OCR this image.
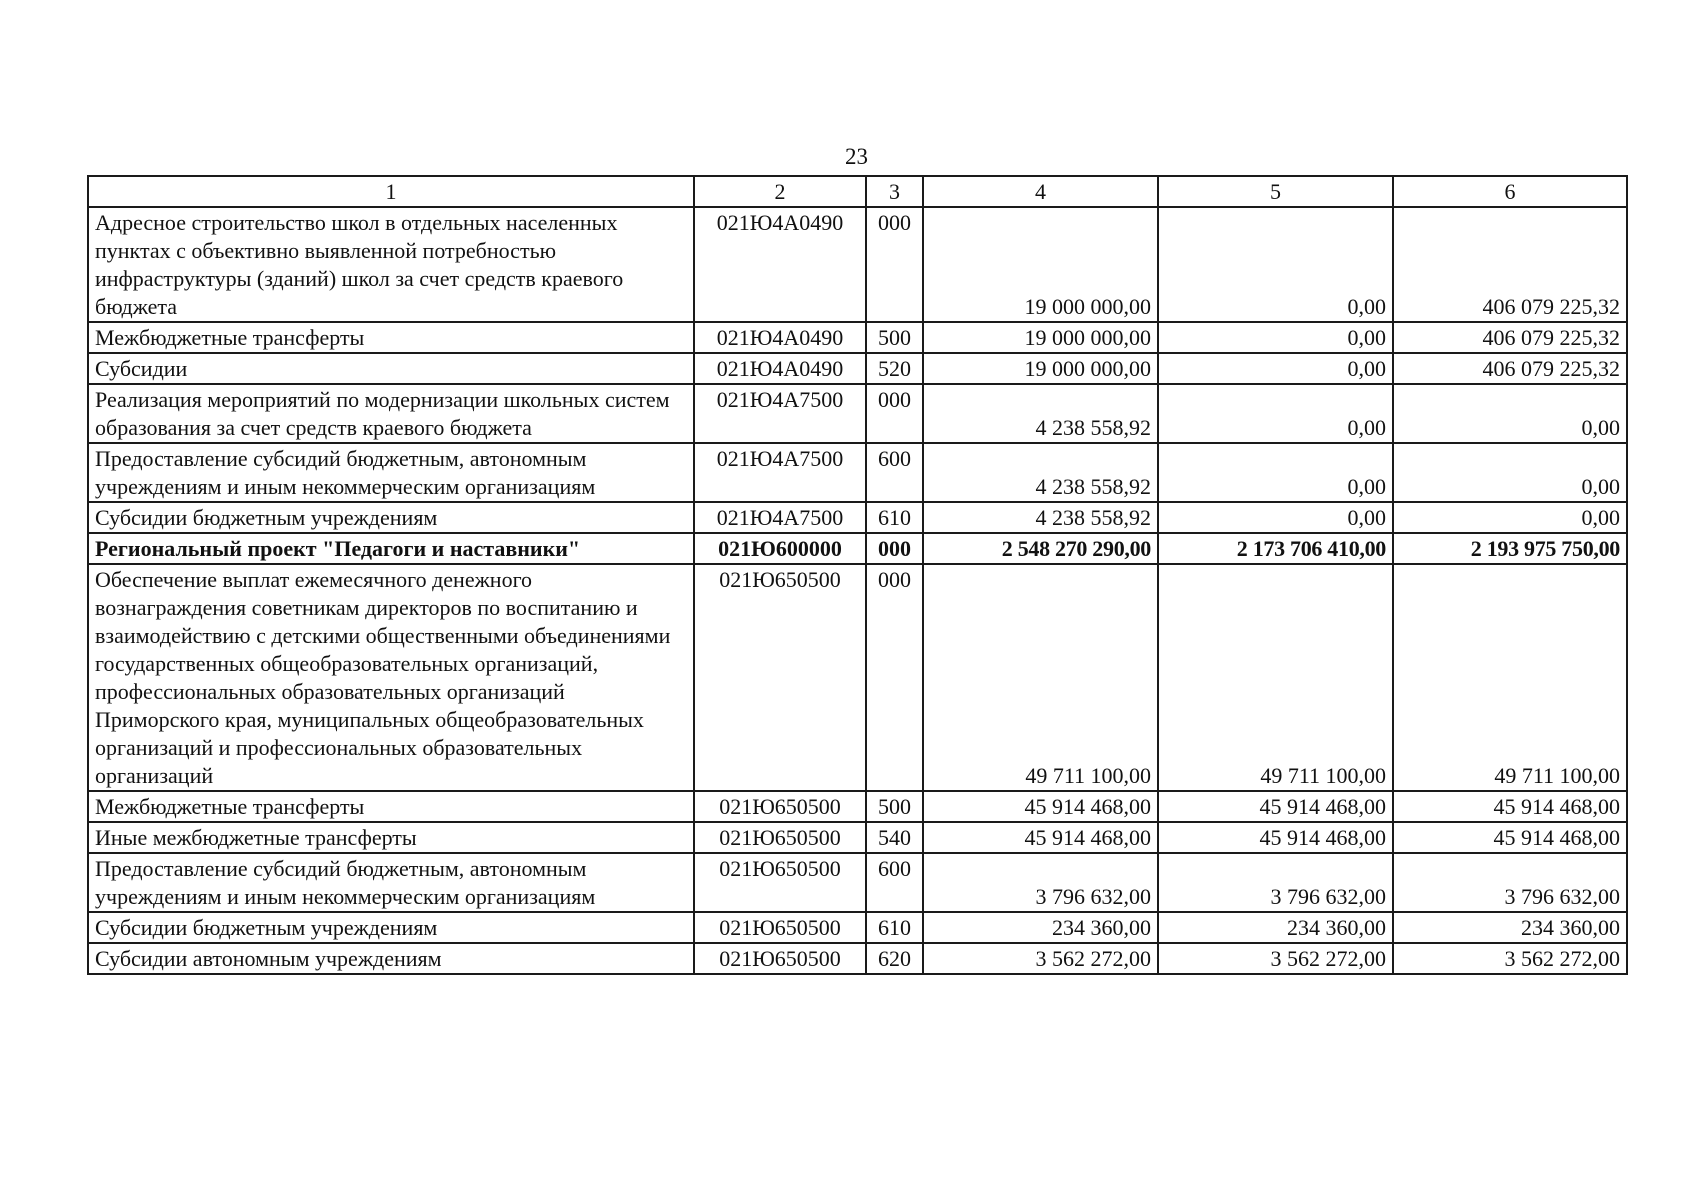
23
1	2	3	4	5	6
Адресное строительство школ в отдельных населенных пунктах с объективно выявленной потребностью инфраструктуры (зданий) школ за счет средств краевого бюджета	021Ю4А0490	000	19 000 000,00	0,00	406 079 225,32
Межбюджетные трансферты	021Ю4А0490	500	19 000 000,00	0,00	406 079 225,32
Субсидии	021Ю4А0490	520	19 000 000,00	0,00	406 079 225,32
Реализация мероприятий по модернизации школьных систем образования за счет средств краевого бюджета	021Ю4А7500	000	4 238 558,92	0,00	0,00
Предоставление субсидий бюджетным, автономным учреждениям и иным некоммерческим организациям	021Ю4А7500	600	4 238 558,92	0,00	0,00
Субсидии бюджетным учреждениям	021Ю4А7500	610	4 238 558,92	0,00	0,00
Региональный проект "Педагоги и наставники"	021Ю600000	000	2 548 270 290,00	2 173 706 410,00	2 193 975 750,00
Обеспечение выплат ежемесячного денежного вознаграждения советникам директоров по воспитанию и взаимодействию с детскими общественными объединениями государственных общеобразовательных организаций, профессиональных образовательных организаций Приморского края, муниципальных общеобразовательных организаций и профессиональных образовательных организаций	021Ю650500	000	49 711 100,00	49 711 100,00	49 711 100,00
Межбюджетные трансферты	021Ю650500	500	45 914 468,00	45 914 468,00	45 914 468,00
Иные межбюджетные трансферты	021Ю650500	540	45 914 468,00	45 914 468,00	45 914 468,00
Предоставление субсидий бюджетным, автономным учреждениям и иным некоммерческим организациям	021Ю650500	600	3 796 632,00	3 796 632,00	3 796 632,00
Субсидии бюджетным учреждениям	021Ю650500	610	234 360,00	234 360,00	234 360,00
Субсидии автономным учреждениям	021Ю650500	620	3 562 272,00	3 562 272,00	3 562 272,00
